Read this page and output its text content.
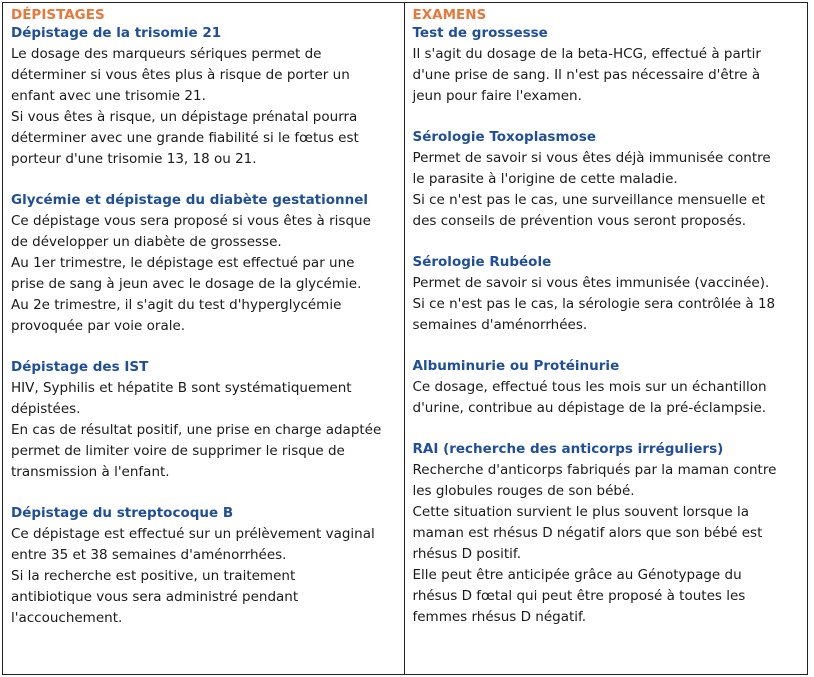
DÉPISTAGES

Dépistage de la trisomie 21

Le dosage des marqueurs sériques permet de

déterminer si vous êtes plus à risque de porter un

enfant avec une trisomie 21.

Si vous êtes à risque, un dépistage prénatal pourra

déterminer avec une grande fiabilité si le fœtus est

porteur d'une trisomie 13, 18 ou 21.

Glycémie et dépistage du diabète gestationnel

Ce dépistage vous sera proposé si vous êtes à risque

de développer un diabète de grossesse.

Au 1er trimestre, le dépistage est effectué par une

prise de sang à jeun avec le dosage de la glycémie.

Au 2e trimestre, il s'agit du test d'hyperglycémie

provoquée par voie orale.

Dépistage des IST

HIV, Syphilis et hépatite B sont systématiquement

dépistées.

En cas de résultat positif, une prise en charge adaptée

permet de limiter voire de supprimer le risque de

transmission à l'enfant.

Dépistage du streptocoque B

Ce dépistage est effectué sur un prélèvement vaginal

entre 35 et 38 semaines d'aménorrhées.

Si la recherche est positive, un traitement

antibiotique vous sera administré pendant

l'accouchement.

EXAMENS

Test de grossesse

Il s'agit du dosage de la beta-HCG, effectué à partir

d'une prise de sang. Il n'est pas nécessaire d'être à

jeun pour faire l'examen.

Sérologie Toxoplasmose

Permet de savoir si vous êtes déjà immunisée contre

le parasite à l'origine de cette maladie.

Si ce n'est pas le cas, une surveillance mensuelle et

des conseils de prévention vous seront proposés.

Sérologie Rubéole

Permet de savoir si vous êtes immunisée (vaccinée).

Si ce n'est pas le cas, la sérologie sera contrôlée à 18

semaines d'aménorrhées.

Albuminurie ou Protéinurie

Ce dosage, effectué tous les mois sur un échantillon

d'urine, contribue au dépistage de la pré-éclampsie.

RAI (recherche des anticorps irréguliers)

Recherche d'anticorps fabriqués par la maman contre

les globules rouges de son bébé.

Cette situation survient le plus souvent lorsque la

maman est rhésus D négatif alors que son bébé est

rhésus D positif.

Elle peut être anticipée grâce au Génotypage du

rhésus D fœtal qui peut être proposé à toutes les

femmes rhésus D négatif.
